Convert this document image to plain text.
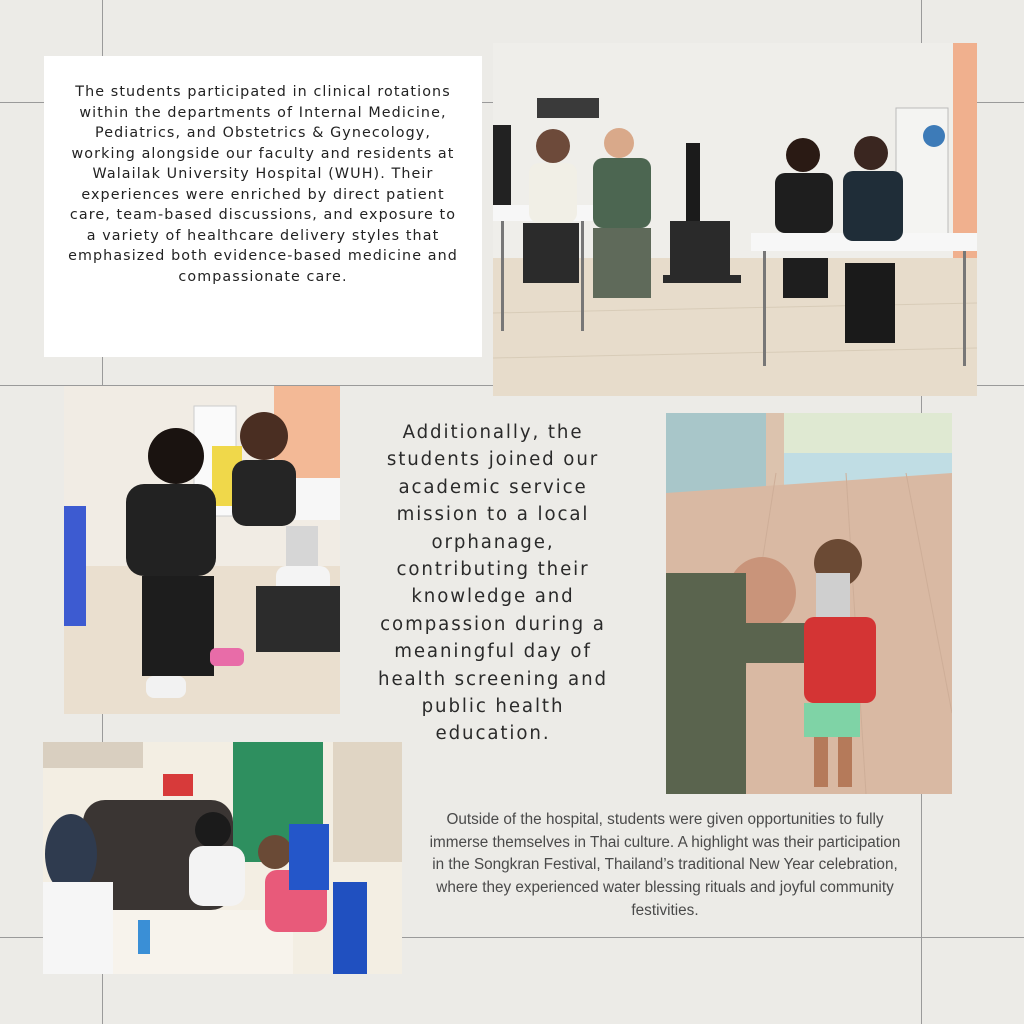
The students participated in clinical rotations within the departments of Internal Medicine, Pediatrics, and Obstetrics & Gynecology, working alongside our faculty and residents at Walailak University Hospital (WUH). Their experiences were enriched by direct patient care, team-based discussions, and exposure to a variety of healthcare delivery styles that emphasized both evidence-based medicine and compassionate care.

Additionally, the students joined our academic service mission to a local orphanage, contributing their knowledge and compassion during a meaningful day of health screening and public health education.
Outside of the hospital, students were given opportunities to fully immerse themselves in Thai culture. A highlight was their participation in the Songkran Festival, Thailand’s traditional New Year celebration, where they experienced water blessing rituals and joyful community festivities.
